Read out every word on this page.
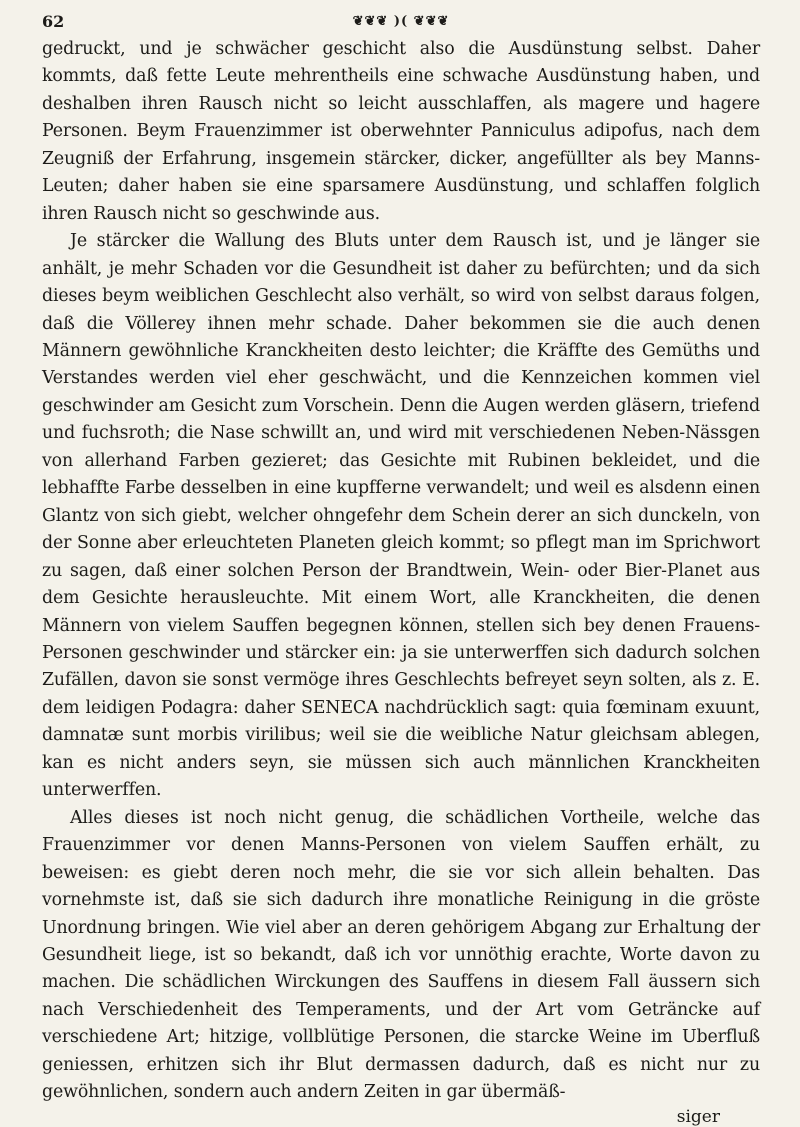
62	❦❦❦ )( ❦❦❦

gedruckt, und je schwächer geschicht also die Ausdünstung selbst. Daher kommts, daß fette Leute mehrentheils eine schwache Ausdünstung haben, und deshalben ihren Rausch nicht so leicht ausschlaffen, als magere und hagere Personen. Beym Frauenzimmer ist oberwehnter Panniculus adipofus, nach dem Zeugniß der Erfahrung, insgemein stärcker, dicker, angefüllter als bey Manns-Leuten; daher haben sie eine sparsamere Ausdünstung, und schlaffen folglich ihren Rausch nicht so geschwinde aus.

Je stärcker die Wallung des Bluts unter dem Rausch ist, und je länger sie anhält, je mehr Schaden vor die Gesundheit ist daher zu befürchten; und da sich dieses beym weiblichen Geschlecht also verhält, so wird von selbst daraus folgen, daß die Völlerey ihnen mehr schade. Daher bekommen sie die auch denen Männern gewöhnliche Kranckheiten desto leichter; die Kräffte des Gemüths und Verstandes werden viel eher geschwächt, und die Kennzeichen kommen viel geschwinder am Gesicht zum Vorschein. Denn die Augen werden gläsern, triefend und fuchsroth; die Nase schwillt an, und wird mit verschiedenen Neben-Nässgen von allerhand Farben gezieret; das Gesichte mit Rubinen bekleidet, und die lebhaffte Farbe desselben in eine kupfferne verwandelt; und weil es alsdenn einen Glantz von sich giebt, welcher ohngefehr dem Schein derer an sich dunckeln, von der Sonne aber erleuchteten Planeten gleich kommt; so pflegt man im Sprichwort zu sagen, daß einer solchen Person der Brandtwein, Wein- oder Bier-Planet aus dem Gesichte herausleuchte. Mit einem Wort, alle Kranckheiten, die denen Männern von vielem Sauffen begegnen können, stellen sich bey denen Frauens-Personen geschwinder und stärcker ein: ja sie unterwerffen sich dadurch solchen Zufällen, davon sie sonst vermöge ihres Geschlechts befreyet seyn solten, als z. E. dem leidigen Podagra: daher SENECA nachdrücklich sagt: quia fœminam exuunt, damnatæ sunt morbis virilibus; weil sie die weibliche Natur gleichsam ablegen, kan es nicht anders seyn, sie müssen sich auch männlichen Kranckheiten unterwerffen.

Alles dieses ist noch nicht genug, die schädlichen Vortheile, welche das Frauenzimmer vor denen Manns-Personen von vielem Sauffen erhält, zu beweisen: es giebt deren noch mehr, die sie vor sich allein behalten. Das vornehmste ist, daß sie sich dadurch ihre monatliche Reinigung in die gröste Unordnung bringen. Wie viel aber an deren gehörigem Abgang zur Erhaltung der Gesundheit liege, ist so bekandt, daß ich vor unnöthig erachte, Worte davon zu machen. Die schädlichen Wirckungen des Sauffens in diesem Fall äussern sich nach Verschiedenheit des Temperaments, und der Art vom Geträncke auf verschiedene Art; hitzige, vollblütige Personen, die starcke Weine im Uberfluß geniessen, erhitzen sich ihr Blut dermassen dadurch, daß es nicht nur zu gewöhnlichen, sondern auch andern Zeiten in gar übermäß-

siger
